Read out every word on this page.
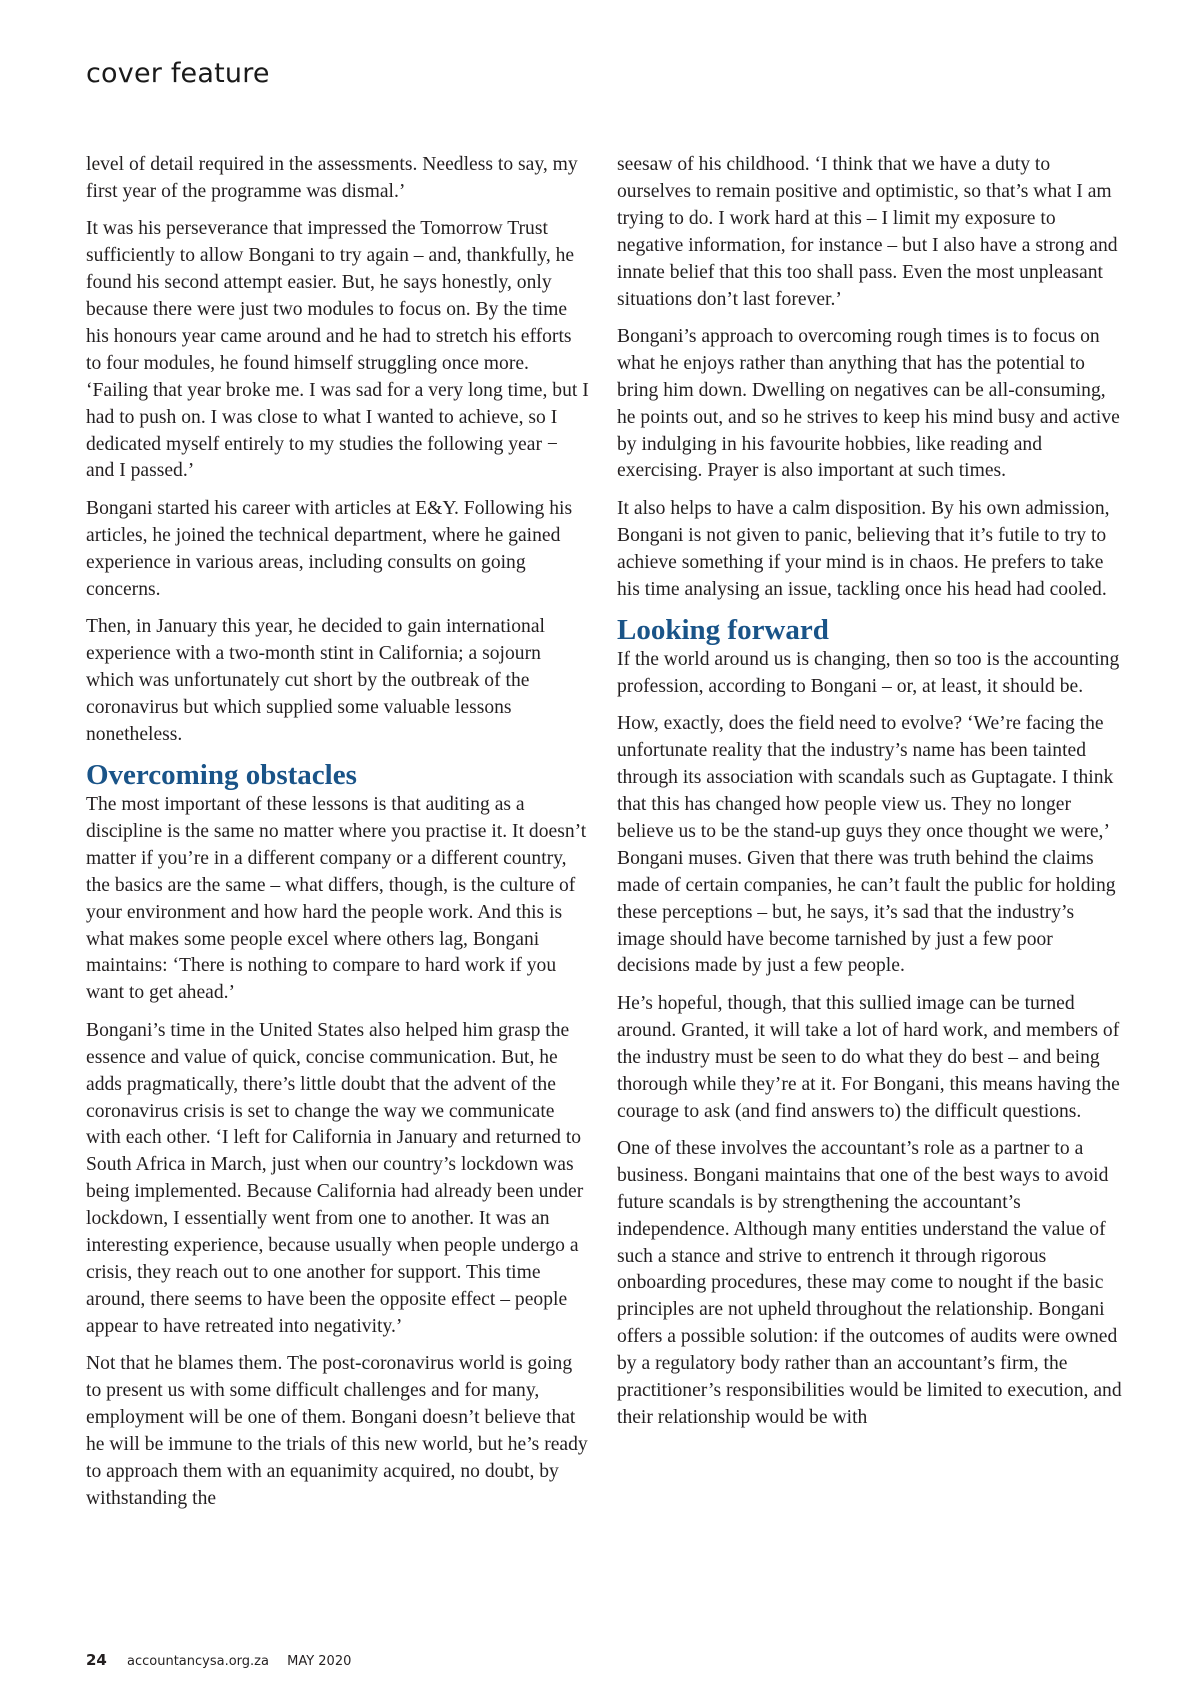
cover feature

level of detail required in the assessments. Needless to say, my first year of the programme was dismal.’

It was his perseverance that impressed the Tomorrow Trust sufficiently to allow Bongani to try again – and, thankfully, he found his second attempt easier. But, he says honestly, only because there were just two modules to focus on. By the time his honours year came around and he had to stretch his efforts to four modules, he found himself struggling once more. ‘Failing that year broke me. I was sad for a very long time, but I had to push on. I was close to what I wanted to achieve, so I dedicated myself entirely to my studies the following year − and I passed.’

Bongani started his career with articles at E&Y. Following his articles, he joined the technical department, where he gained experience in various areas, including consults on going concerns.

Then, in January this year, he decided to gain international experience with a two-month stint in California; a sojourn which was unfortunately cut short by the outbreak of the coronavirus but which supplied some valuable lessons nonetheless.

Overcoming obstacles

The most important of these lessons is that auditing as a discipline is the same no matter where you practise it. It doesn’t matter if you’re in a different company or a different country, the basics are the same – what differs, though, is the culture of your environment and how hard the people work. And this is what makes some people excel where others lag, Bongani maintains: ‘There is nothing to compare to hard work if you want to get ahead.’

Bongani’s time in the United States also helped him grasp the essence and value of quick, concise communication. But, he adds pragmatically, there’s little doubt that the advent of the coronavirus crisis is set to change the way we communicate with each other. ‘I left for California in January and returned to South Africa in March, just when our country’s lockdown was being implemented. Because California had already been under lockdown, I essentially went from one to another. It was an interesting experience, because usually when people undergo a crisis, they reach out to one another for support. This time around, there seems to have been the opposite effect – people appear to have retreated into negativity.’

Not that he blames them. The post-coronavirus world is going to present us with some difficult challenges and for many, employment will be one of them. Bongani doesn’t believe that he will be immune to the trials of this new world, but he’s ready to approach them with an equanimity acquired, no doubt, by withstanding the

seesaw of his childhood. ‘I think that we have a duty to ourselves to remain positive and optimistic, so that’s what I am trying to do. I work hard at this – I limit my exposure to negative information, for instance – but I also have a strong and innate belief that this too shall pass. Even the most unpleasant situations don’t last forever.’

Bongani’s approach to overcoming rough times is to focus on what he enjoys rather than anything that has the potential to bring him down. Dwelling on negatives can be all-consuming, he points out, and so he strives to keep his mind busy and active by indulging in his favourite hobbies, like reading and exercising. Prayer is also important at such times.

It also helps to have a calm disposition. By his own admission, Bongani is not given to panic, believing that it’s futile to try to achieve something if your mind is in chaos. He prefers to take his time analysing an issue, tackling once his head had cooled.

Looking forward

If the world around us is changing, then so too is the accounting profession, according to Bongani – or, at least, it should be.

How, exactly, does the field need to evolve? ‘We’re facing the unfortunate reality that the industry’s name has been tainted through its association with scandals such as Guptagate. I think that this has changed how people view us. They no longer believe us to be the stand-up guys they once thought we were,’ Bongani muses. Given that there was truth behind the claims made of certain companies, he can’t fault the public for holding these perceptions – but, he says, it’s sad that the industry’s image should have become tarnished by just a few poor decisions made by just a few people.

He’s hopeful, though, that this sullied image can be turned around. Granted, it will take a lot of hard work, and members of the industry must be seen to do what they do best – and being thorough while they’re at it. For Bongani, this means having the courage to ask (and find answers to) the difficult questions.

One of these involves the accountant’s role as a partner to a business. Bongani maintains that one of the best ways to avoid future scandals is by strengthening the accountant’s independence. Although many entities understand the value of such a stance and strive to entrench it through rigorous onboarding procedures, these may come to nought if the basic principles are not upheld throughout the relationship. Bongani offers a possible solution: if the outcomes of audits were owned by a regulatory body rather than an accountant’s firm, the practitioner’s responsibilities would be limited to execution, and their relationship would be with

24 accountancysa.org.za MAY 2020
